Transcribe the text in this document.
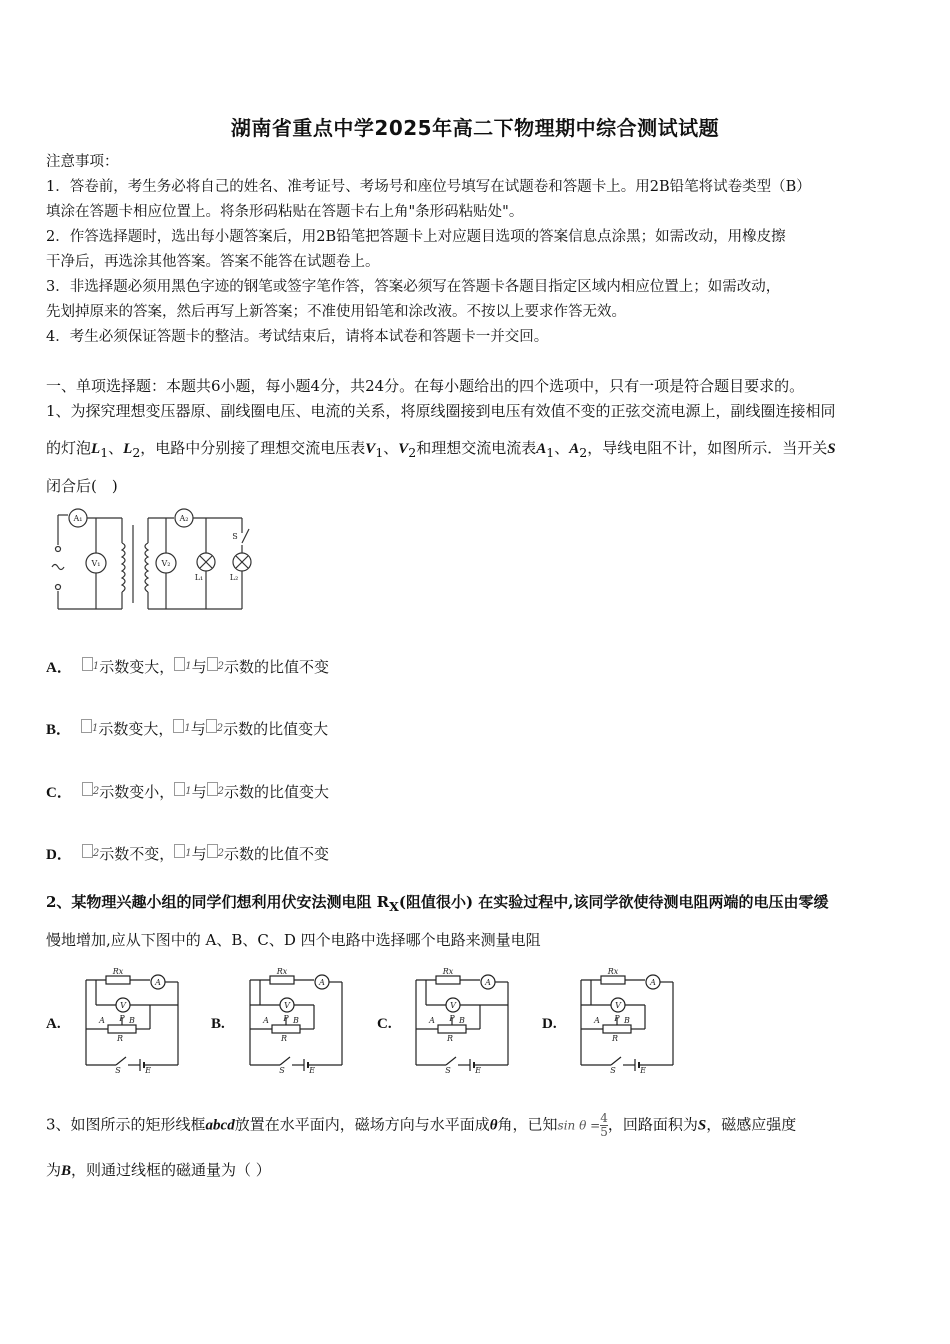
湖南省重点中学2025年高二下物理期中综合测试试题
注意事项：
1．答卷前，考生务必将自己的姓名、准考证号、考场号和座位号填写在试题卷和答题卡上。用2B铅笔将试卷类型（B）
填涂在答题卡相应位置上。将条形码粘贴在答题卡右上角"条形码粘贴处"。
2．作答选择题时，选出每小题答案后，用2B铅笔把答题卡上对应题目选项的答案信息点涂黑；如需改动，用橡皮擦
干净后，再选涂其他答案。答案不能答在试题卷上。
3．非选择题必须用黑色字迹的钢笔或签字笔作答，答案必须写在答题卡各题目指定区域内相应位置上；如需改动，
先划掉原来的答案，然后再写上新答案；不准使用铅笔和涂改液。不按以上要求作答无效。
4．考生必须保证答题卡的整洁。考试结束后，请将本试卷和答题卡一并交回。
一、单项选择题：本题共6小题，每小题4分，共24分。在每小题给出的四个选项中，只有一项是符合题目要求的。
1、为探究理想变压器原、副线圈电压、电流的关系，将原线圈接到电压有效值不变的正弦交流电源上，副线圈连接相同
的灯泡$L_1$、$L_2$，电路中分别接了理想交流电压表$V_1$、$V_2$和理想交流电流表$A_1$、$A_2$，导线电阻不计，如图所示．当开关S
闭合后(　)
A₁
V₁
A₂
V₂
L₁	L₂
S
A． $^1$示数变大， $^1$与 $^2$示数的比值不变
B． $^1$示数变大， $^1$与 $^2$示数的比值变大
C． $^2$示数变小， $^1$与 $^2$示数的比值变大
D． $^2$示数不变， $^1$与 $^2$示数的比值不变
2、某物理兴趣小组的同学们想利用伏安法测电阻 $R_X$(阻值很小) 在实验过程中,该同学欲使待测电阻两端的电压由零缓
慢地增加,应从下图中的 A、B、C、D 四个电路中选择哪个电路来测量电阻
A.	B.	C.	D.
Rx
A
V
A P B
R
S	E
Rx
A
V
A P B
R
S	E
Rx
A
V
A P B
R
S	E
Rx
A
V
A P B
R
S	E
3、如图所示的矩形线框abcd放置在水平面内，磁场方向与水平面成θ角，已知$\sin \theta = \frac{4}{5}$ ，回路面积为S，磁感应强度
为B，则通过线框的磁通量为（ ）
